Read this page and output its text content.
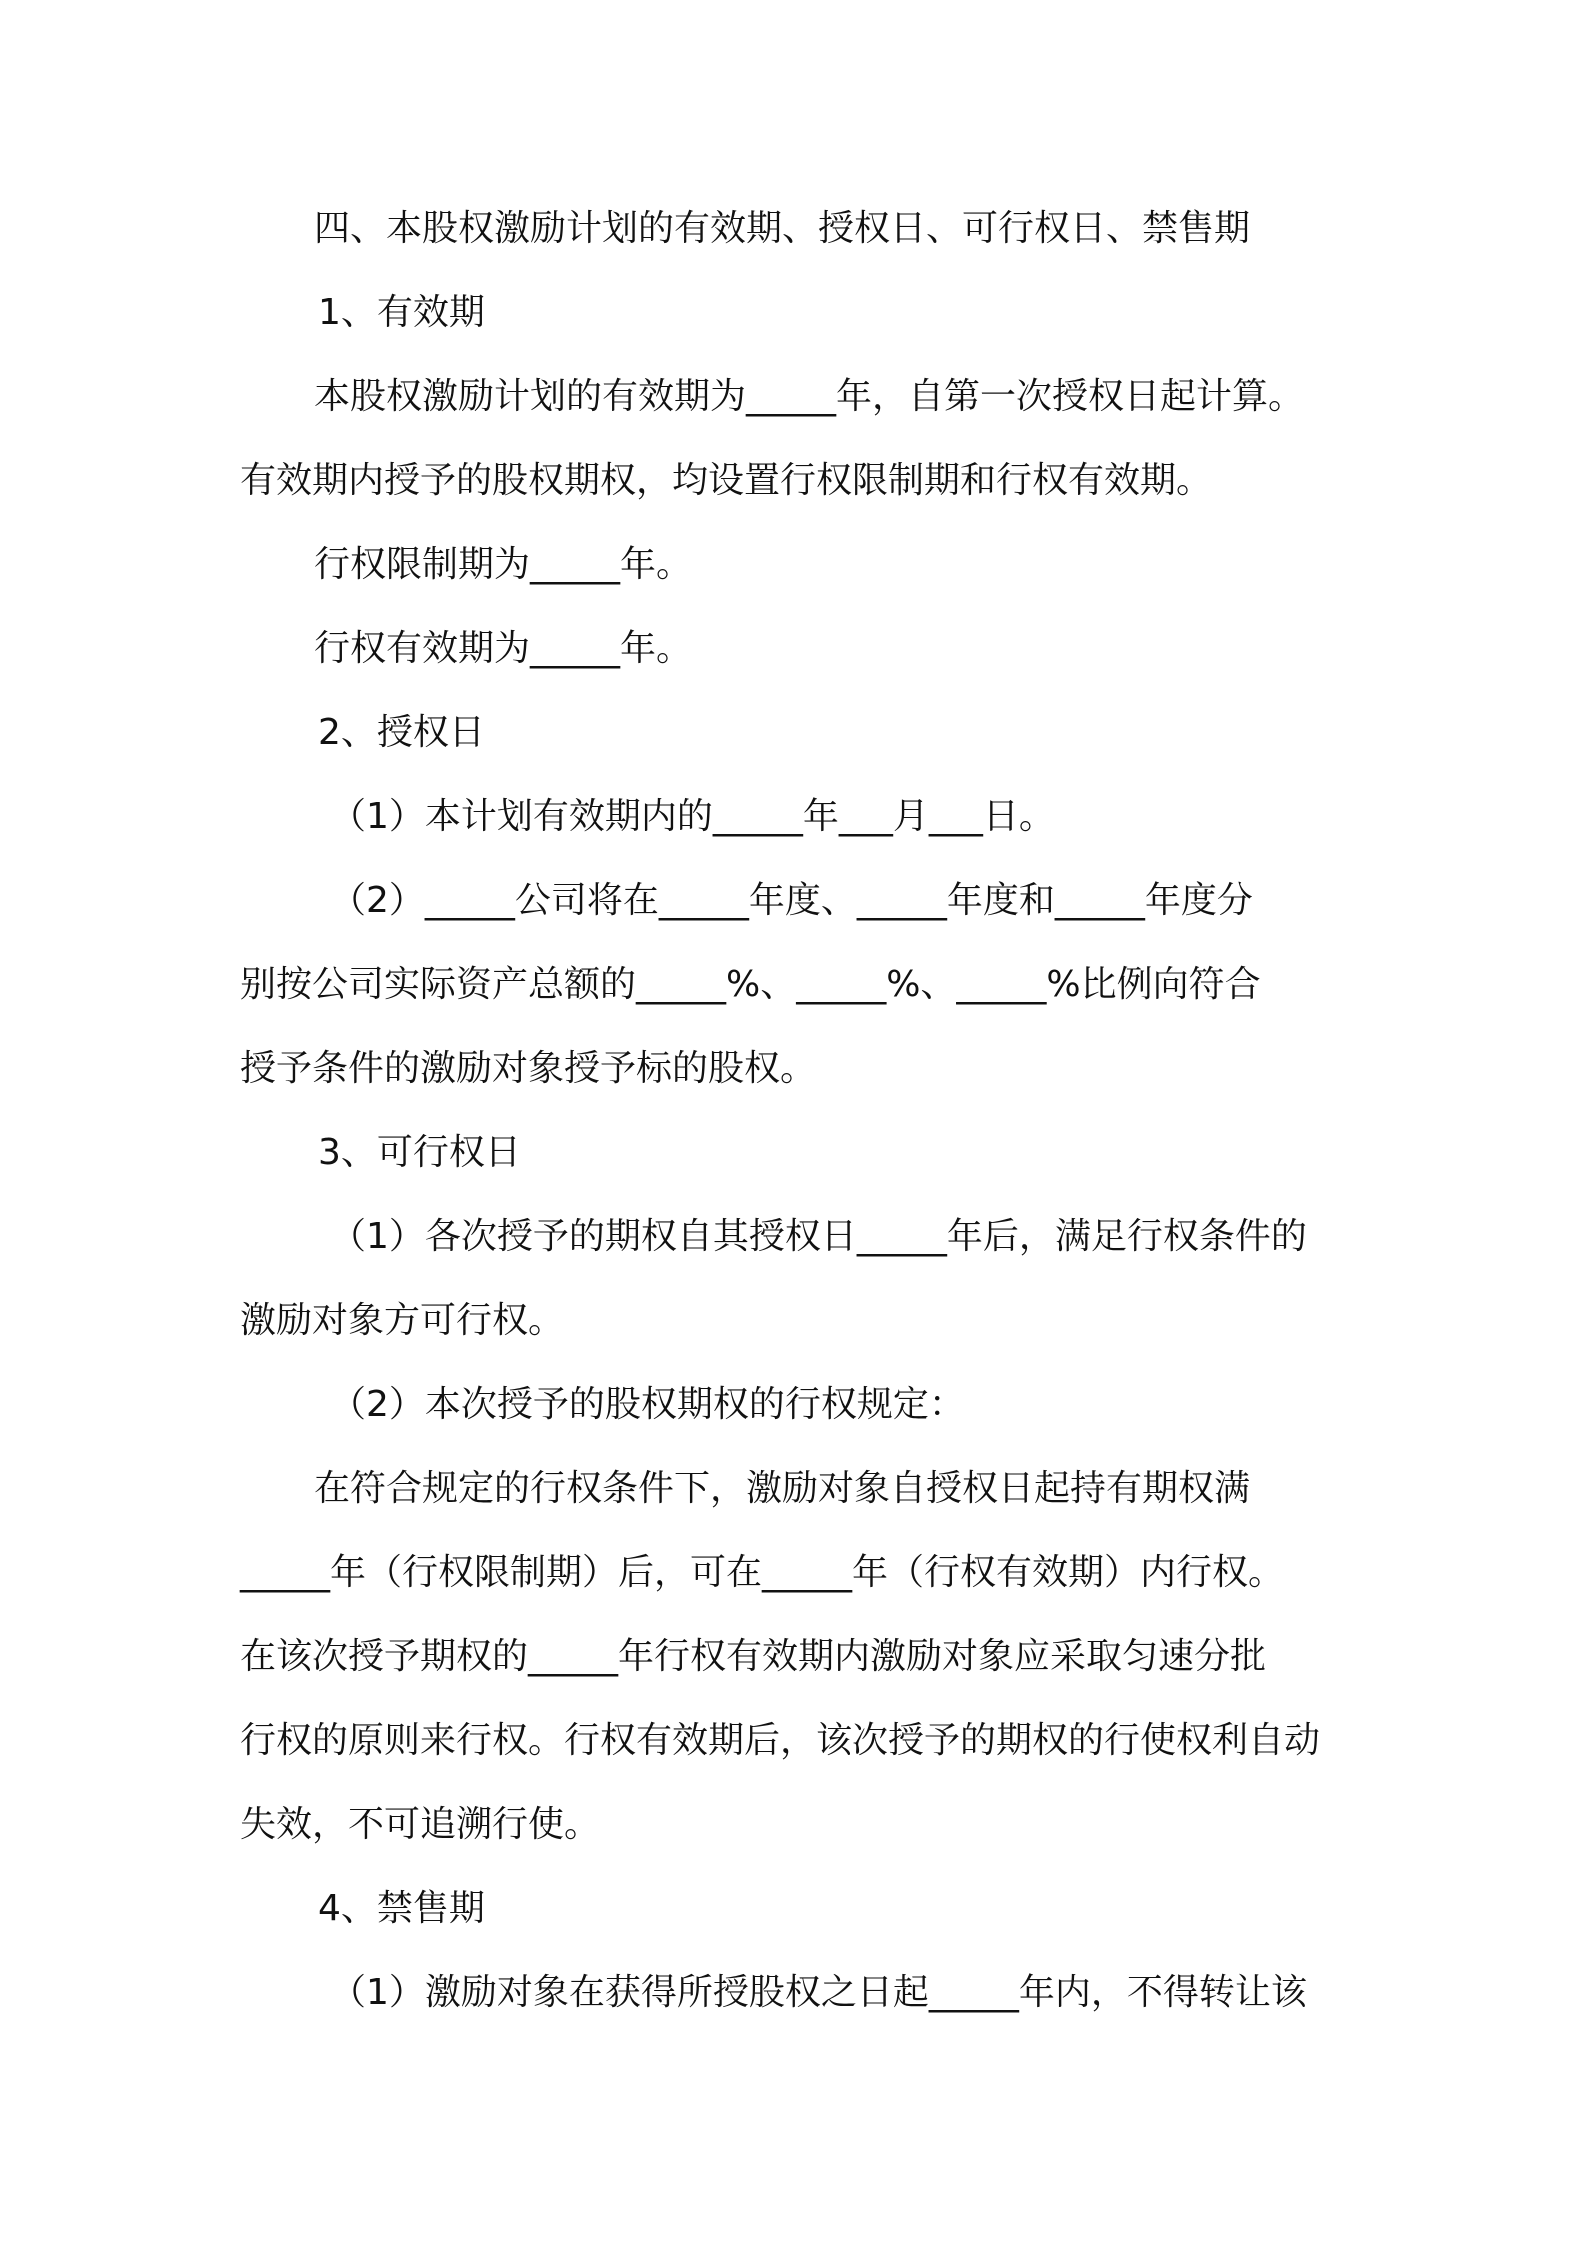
四、本股权激励计划的有效期、授权日、可行权日、禁售期
1、有效期
本股权激励计划的有效期为_____年，自第一次授权日起计算。
有效期内授予的股权期权，均设置行权限制期和行权有效期。
行权限制期为_____年。
行权有效期为_____年。
2、授权日
（1）本计划有效期内的_____年___月___日。
（2）_____公司将在_____年度、_____年度和_____年度分
别按公司实际资产总额的_____%、_____%、_____%比例向符合
授予条件的激励对象授予标的股权。
3、可行权日
（1）各次授予的期权自其授权日_____年后，满足行权条件的
激励对象方可行权。
（2）本次授予的股权期权的行权规定：
在符合规定的行权条件下，激励对象自授权日起持有期权满
_____年（行权限制期）后，可在_____年（行权有效期）内行权。
在该次授予期权的_____年行权有效期内激励对象应采取匀速分批
行权的原则来行权。行权有效期后，该次授予的期权的行使权利自动
失效，不可追溯行使。
4、禁售期
（1）激励对象在获得所授股权之日起_____年内，不得转让该
